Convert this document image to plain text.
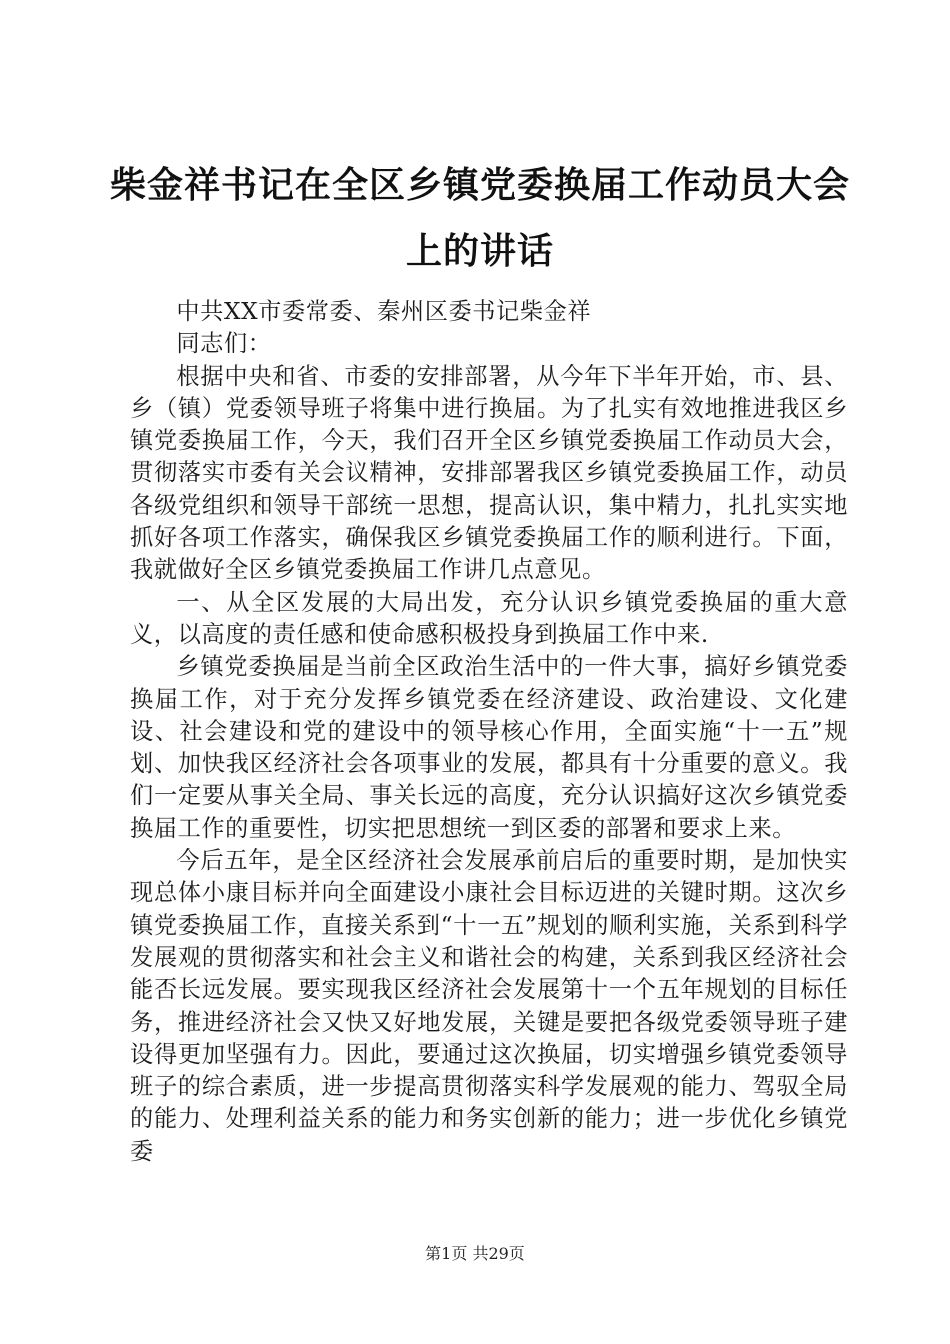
柴金祥书记在全区乡镇党委换届工作动员大会上的讲话

中共XX市委常委、秦州区委书记柴金祥

同志们：

根据中央和省、市委的安排部署，从今年下半年开始，市、县、乡（镇）党委领导班子将集中进行换届。为了扎实有效地推进我区乡镇党委换届工作，今天，我们召开全区乡镇党委换届工作动员大会，贯彻落实市委有关会议精神，安排部署我区乡镇党委换届工作，动员各级党组织和领导干部统一思想，提高认识，集中精力，扎扎实实地抓好各项工作落实，确保我区乡镇党委换届工作的顺利进行。下面，我就做好全区乡镇党委换届工作讲几点意见。

一、从全区发展的大局出发，充分认识乡镇党委换届的重大意义，以高度的责任感和使命感积极投身到换届工作中来.

乡镇党委换届是当前全区政治生活中的一件大事，搞好乡镇党委换届工作，对于充分发挥乡镇党委在经济建设、政治建设、文化建设、社会建设和党的建设中的领导核心作用，全面实施“十一五”规划、加快我区经济社会各项事业的发展，都具有十分重要的意义。我们一定要从事关全局、事关长远的高度，充分认识搞好这次乡镇党委换届工作的重要性，切实把思想统一到区委的部署和要求上来。

今后五年，是全区经济社会发展承前启后的重要时期，是加快实现总体小康目标并向全面建设小康社会目标迈进的关键时期。这次乡镇党委换届工作，直接关系到“十一五”规划的顺利实施，关系到科学发展观的贯彻落实和社会主义和谐社会的构建，关系到我区经济社会能否长远发展。要实现我区经济社会发展第十一个五年规划的目标任务，推进经济社会又快又好地发展，关键是要把各级党委领导班子建设得更加坚强有力。因此，要通过这次换届，切实增强乡镇党委领导班子的综合素质，进一步提高贯彻落实科学发展观的能力、驾驭全局的能力、处理利益关系的能力和务实创新的能力；进一步优化乡镇党委

第1页 共29页
